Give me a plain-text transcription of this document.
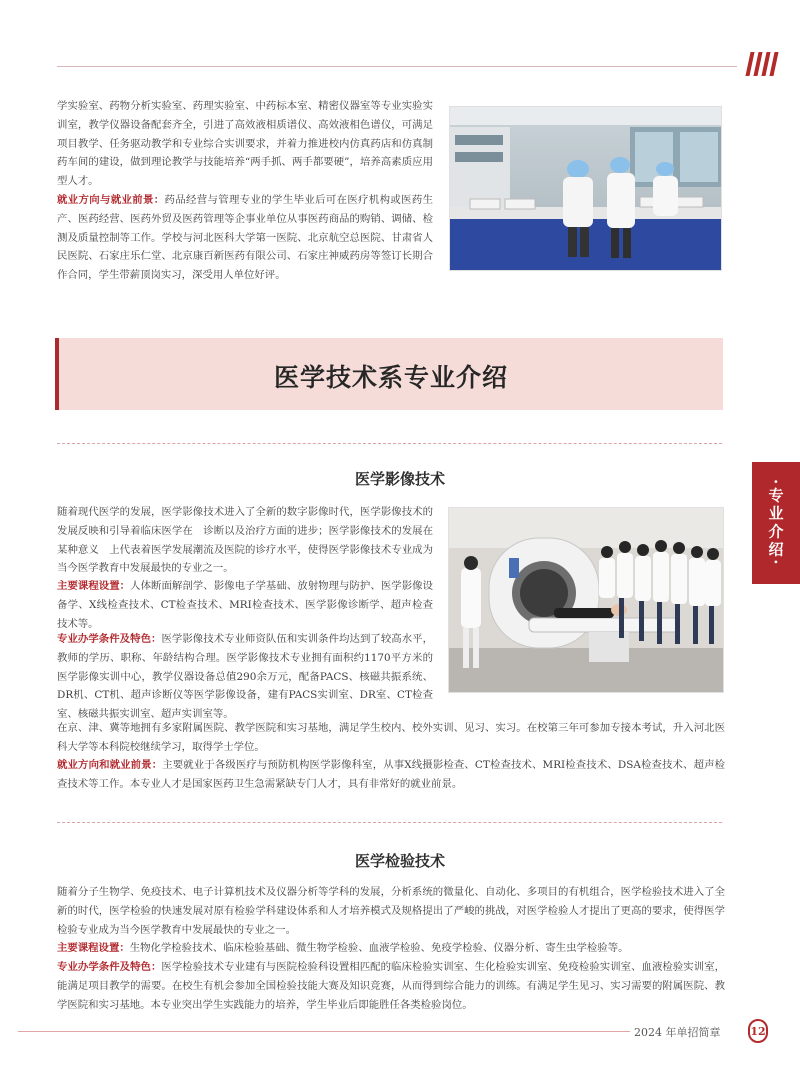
学实验室、药物分析实验室、药理实验室、中药标本室、精密仪器室等专业实验实训室，教学仪器设备配套齐全，引进了高效液相质谱仪、高效液相色谱仪，可满足项目教学、任务驱动教学和专业综合实训要求，并着力推进校内仿真药店和仿真制药车间的建设，做到理论教学与技能培养“两手抓、两手都要硬”，培养高素质应用型人才。

就业方向与就业前景：药品经营与管理专业的学生毕业后可在医疗机构或医药生产、医药经营、医药外贸及医药管理等企事业单位从事医药商品的购销、调储、检测及质量控制等工作。学校与河北医科大学第一医院、北京航空总医院、甘肃省人民医院、石家庄乐仁堂、北京康百新医药有限公司、石家庄神威药房等签订长期合作合同，学生带薪顶岗实习，深受用人单位好评。

医学技术系专业介绍
·专业介绍·
医学影像技术

随着现代医学的发展，医学影像技术进入了全新的数字影像时代，医学影像技术的发展反映和引导着临床医学在　诊断以及治疗方面的进步；医学影像技术的发展在某种意义　上代表着医学发展潮流及医院的诊疗水平，使得医学影像技术专业成为当今医学教育中发展最快的专业之一。

主要课程设置：人体断面解剖学、影像电子学基础、放射物理与防护、医学影像设备学、X线检查技术、CT检查技术、MRI检查技术、医学影像诊断学、超声检查技术等。

专业办学条件及特色：医学影像技术专业师资队伍和实训条件均达到了较高水平，教师的学历、职称、年龄结构合理。医学影像技术专业拥有面积约1170平方米的医学影像实训中心，教学仪器设备总值290余万元，配备PACS、核磁共振系统、DR机、CT机、超声诊断仪等医学影像设备，建有PACS实训室、DR室、CT检查室、核磁共振实训室、超声实训室等。

在京、津、冀等地拥有多家附属医院、教学医院和实习基地，满足学生校内、校外实训、见习、实习。在校第三年可参加专接本考试，升入河北医科大学等本科院校继续学习，取得学士学位。

就业方向和就业前景：主要就业于各级医疗与预防机构医学影像科室，从事X线摄影检查、CT检查技术、MRI检查技术、DSA检查技术、超声检查技术等工作。本专业人才是国家医药卫生急需紧缺专门人才，具有非常好的就业前景。

医学检验技术

随着分子生物学、免疫技术、电子计算机技术及仪器分析等学科的发展，分析系统的微量化、自动化、多项目的有机组合，医学检验技术进入了全新的时代，医学检验的快速发展对原有检验学科建设体系和人才培养模式及规格提出了严峻的挑战，对医学检验人才提出了更高的要求，使得医学检验专业成为当今医学教育中发展最快的专业之一。

主要课程设置：生物化学检验技术、临床检验基础、微生物学检验、血液学检验、免疫学检验、仪器分析、寄生虫学检验等。

专业办学条件及特色：医学检验技术专业建有与医院检验科设置相匹配的临床检验实训室、生化检验实训室、免疫检验实训室、血液检验实训室，能满足项目教学的需要。在校生有机会参加全国检验技能大赛及知识竞赛，从而得到综合能力的训练。有满足学生见习、实习需要的附属医院、教学医院和实习基地。本专业突出学生实践能力的培养，学生毕业后即能胜任各类检验岗位。

2024 年单招简章	12
